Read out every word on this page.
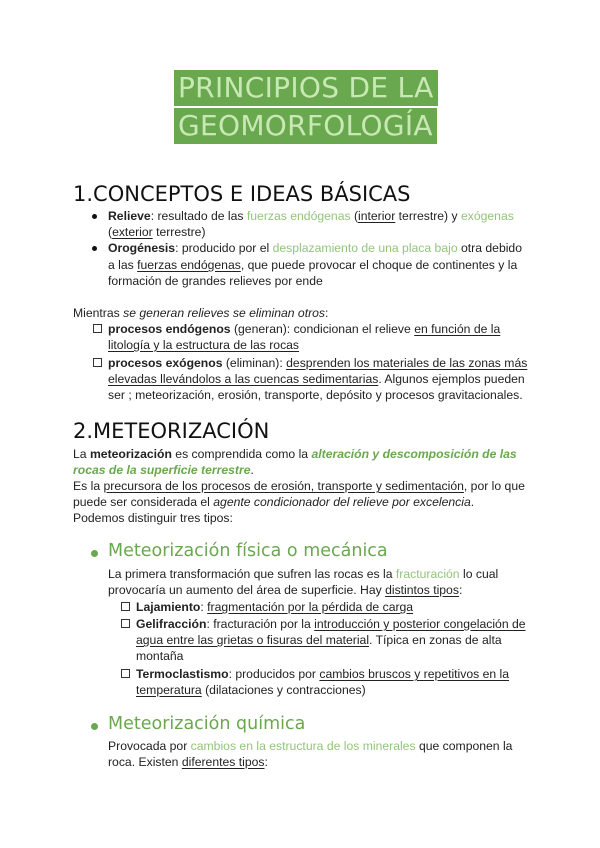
PRINCIPIOS DE LA
GEOMORFOLOGÍA
1.CONCEPTOS E IDEAS BÁSICAS
Relieve: resultado de las fuerzas endógenas (interior terrestre) y exógenas
(exterior terrestre)
Orogénesis: producido por el desplazamiento de una placa bajo otra debido
a las fuerzas endógenas, que puede provocar el choque de continentes y la
formación de grandes relieves por ende
Mientras se generan relieves se eliminan otros:
procesos endógenos (generan): condicionan el relieve en función de la
litología y la estructura de las rocas
procesos exógenos (eliminan): desprenden los materiales de las zonas más
elevadas llevándolos a las cuencas sedimentarias. Algunos ejemplos pueden
ser ; meteorización, erosión, transporte, depósito y procesos gravitacionales.
2.METEORIZACIÓN
La meteorización es comprendida como la alteración y descomposición de las
rocas de la superficie terrestre.
Es la precursora de los procesos de erosión, transporte y sedimentación, por lo que
puede ser considerada el agente condicionador del relieve por excelencia.
Podemos distinguir tres tipos:
Meteorización física o mecánica
La primera transformación que sufren las rocas es la fracturación lo cual
provocaría un aumento del área de superficie. Hay distintos tipos:
Lajamiento: fragmentación por la pérdida de carga
Gelifracción: fracturación por la introducción y posterior congelación de
agua entre las grietas o fisuras del material. Típica en zonas de alta
montaña
Termoclastismo: producidos por cambios bruscos y repetitivos en la
temperatura (dilataciones y contracciones)
Meteorización química
Provocada por cambios en la estructura de los minerales que componen la
roca. Existen diferentes tipos:
